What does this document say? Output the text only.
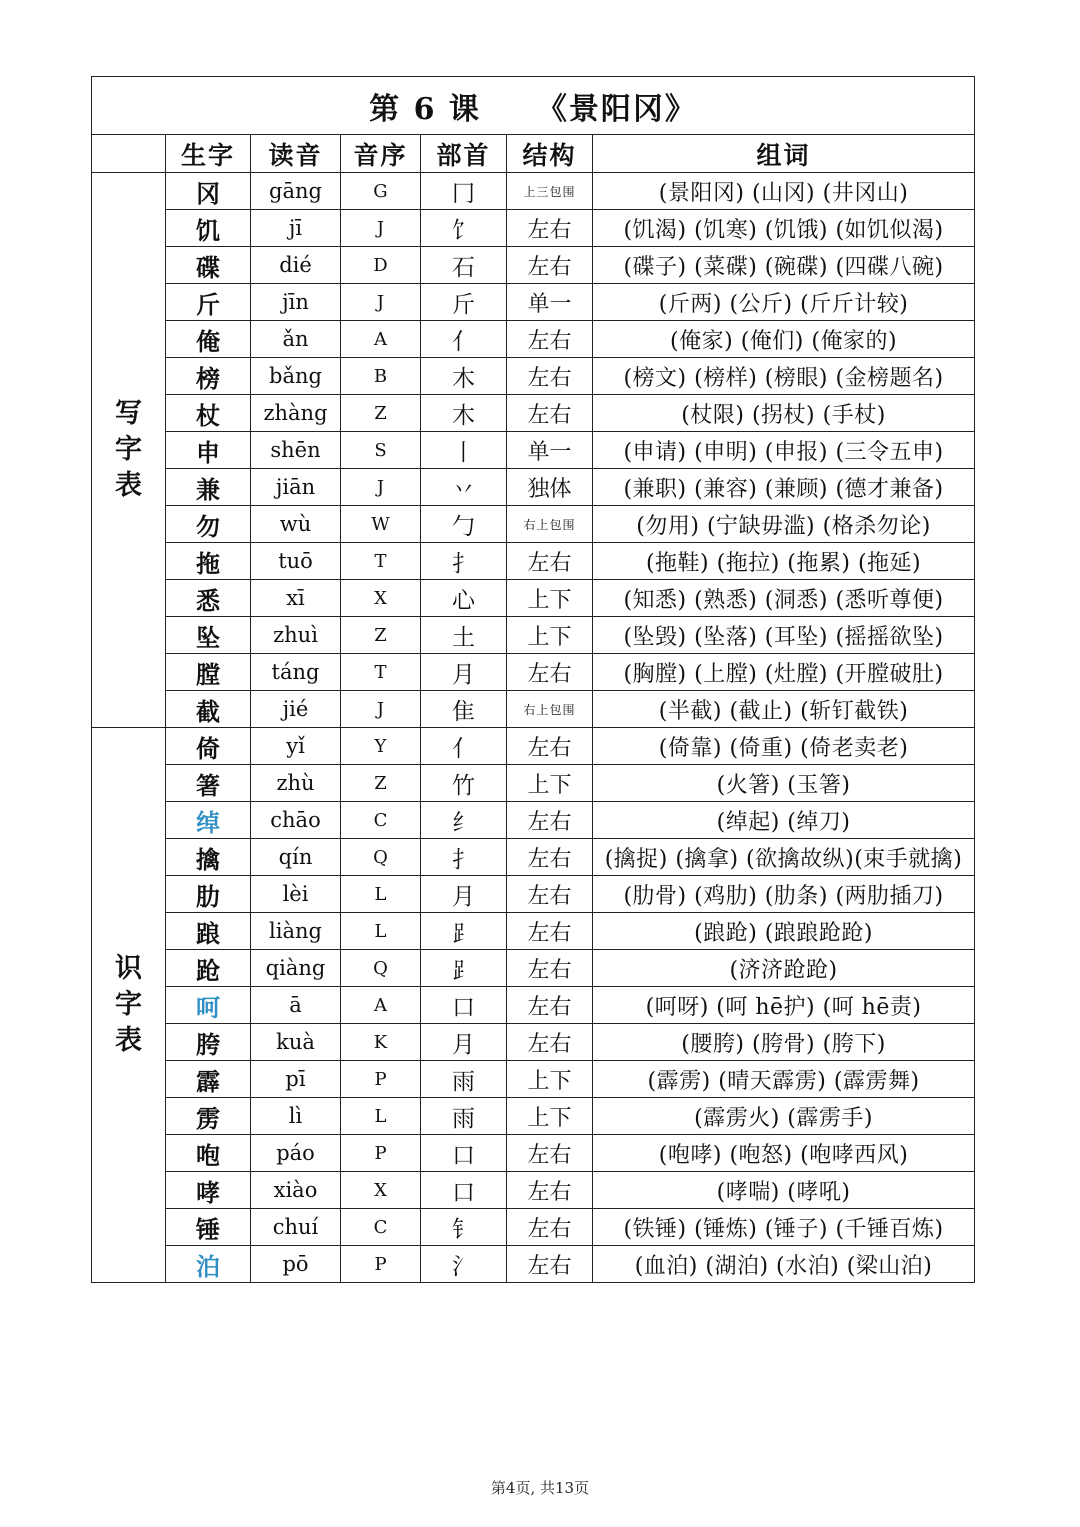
第 6 课 《景阳冈》						
	生字	读音	音序	部首	结构	组词

写
字
表	冈	gāng	G	冂	上三包围	(景阳冈) (山冈) (井冈山)
	饥	jī	J	饣	左右	(饥渴) (饥寒) (饥饿) (如饥似渴)
	碟	dié	D	石	左右	(碟子) (菜碟) (碗碟) (四碟八碗)
	斤	jīn	J	斤	单一	(斤两) (公斤) (斤斤计较)
	俺	ǎn	A	亻	左右	(俺家) (俺们) (俺家的)
	榜	bǎng	B	木	左右	(榜文) (榜样) (榜眼) (金榜题名)
	杖	zhàng	Z	木	左右	(杖限) (拐杖) (手杖)
	申	shēn	S	丨	单一	(申请) (申明) (申报) (三令五申)
	兼	jiān	J	丷	独体	(兼职) (兼容) (兼顾) (德才兼备)
	勿	wù	W	勹	右上包围	(勿用) (宁缺毋滥) (格杀勿论)
	拖	tuō	T	扌	左右	(拖鞋) (拖拉) (拖累) (拖延)
	悉	xī	X	心	上下	(知悉) (熟悉) (洞悉) (悉听尊便)
	坠	zhuì	Z	土	上下	(坠毁) (坠落) (耳坠) (摇摇欲坠)
	膛	táng	T	月	左右	(胸膛) (上膛) (灶膛) (开膛破肚)
	截	jié	J	隹	右上包围	(半截) (截止) (斩钉截铁)

识
字
表	倚	yǐ	Y	亻	左右	(倚靠) (倚重) (倚老卖老)
	箸	zhù	Z	竹	上下	(火箸) (玉箸)
	绰	chāo	C	纟	左右	(绰起) (绰刀)
	擒	qín	Q	扌	左右	(擒捉) (擒拿) (欲擒故纵)(束手就擒)
	肋	lèi	L	月	左右	(肋骨) (鸡肋) (肋条) (两肋插刀)
	踉	liàng	L	⻊	左右	(踉跄) (踉踉跄跄)
	跄	qiàng	Q	⻊	左右	(济济跄跄)
	呵	ā	A	口	左右	(呵呀) (呵 hē护) (呵 hē责)
	胯	kuà	K	月	左右	(腰胯) (胯骨) (胯下)
	霹	pī	P	雨	上下	(霹雳) (晴天霹雳) (霹雳舞)
	雳	lì	L	雨	上下	(霹雳火) (霹雳手)
	咆	páo	P	口	左右	(咆哮) (咆怒) (咆哮西风)
	哮	xiào	X	口	左右	(哮喘) (哮吼)
	锤	chuí	C	钅	左右	(铁锤) (锤炼) (锤子) (千锤百炼)
	泊	pō	P	氵	左右	(血泊) (湖泊) (水泊) (梁山泊)
第4页, 共13页
